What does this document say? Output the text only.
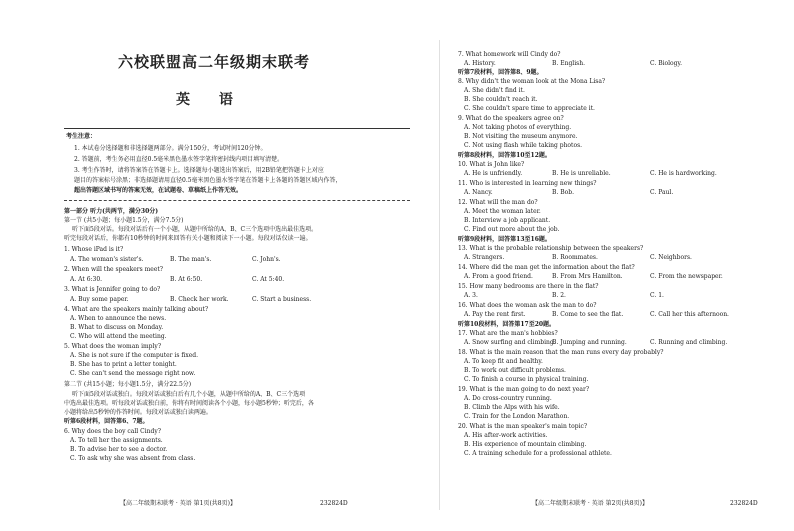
六校联盟高二年级期末联考
英 语
考生注意：
1. 本试卷分选择题和非选择题两部分。满分150分，考试时间120分钟。
2. 答题前，考生务必用直径0.5毫米黑色墨水签字笔将密封线内项目填写清楚。
3. 考生作答时，请将答案答在答题卡上。选择题每小题选出答案后，用2B铅笔把答题卡上对应
题目的答案标号涂黑；非选择题请用直径0.5毫米黑色墨水签字笔在答题卡上各题的答题区域内作答，
超出答题区域书写的答案无效，在试题卷、草稿纸上作答无效。
第一部分 听力(共两节，满分30分)
第一节 (共5小题；每小题1.5分，满分7.5分)
听下面5段对话。每段对话后有一个小题，从题中所给的A、B、C三个选项中选出最佳选项。
听完每段对话后，你都有10秒钟的时间来回答有关小题和阅读下一小题。每段对话仅读一遍。
1. Whose iPad is it?
A. The woman's sister's.	B. The man's.	C. John's.
2. When will the speakers meet?
A. At 6:30.	B. At 6:50.	C. At 5:40.
3. What is Jennifer going to do?
A. Buy some paper.	B. Check her work.	C. Start a business.
4. What are the speakers mainly talking about?
A. When to announce the news.
B. What to discuss on Monday.
C. Who will attend the meeting.
5. What does the woman imply?
A. She is not sure if the computer is fixed.
B. She has to print a letter tonight.
C. She can't send the message right now.
第二节 (共15小题；每小题1.5分，满分22.5分)
听下面5段对话或独白。每段对话或独白后有几个小题，从题中所给的A、B、C三个选项
中选出最佳选项。听每段对话或独白前，你将有时间阅读各个小题，每小题5秒钟；听完后，各
小题将给出5秒钟的作答时间。每段对话或独白读两遍。
听第6段材料，回答第6、7题。
6. Why does the boy call Cindy?
A. To tell her the assignments.
B. To advise her to see a doctor.
C. To ask why she was absent from class.
【高二年级期末联考 · 英语 第1页(共8页)】	232824D
7. What homework will Cindy do?
A. History.	B. English.	C. Biology.
听第7段材料，回答第8、9题。
8. Why didn't the woman look at the Mona Lisa?
A. She didn't find it.
B. She couldn't reach it.
C. She couldn't spare time to appreciate it.
9. What do the speakers agree on?
A. Not taking photos of everything.
B. Not visiting the museum anymore.
C. Not using flash while taking photos.
听第8段材料，回答第10至12题。
10. What is John like?
A. He is unfriendly.	B. He is unreliable.	C. He is hardworking.
11. Who is interested in learning new things?
A. Nancy.	B. Bob.	C. Paul.
12. What will the man do?
A. Meet the woman later.
B. Interview a job applicant.
C. Find out more about the job.
听第9段材料，回答第13至16题。
13. What is the probable relationship between the speakers?
A. Strangers.	B. Roommates.	C. Neighbors.
14. Where did the man get the information about the flat?
A. From a good friend.	B. From Mrs Hamilton.	C. From the newspaper.
15. How many bedrooms are there in the flat?
A. 3.	B. 2.	C. 1.
16. What does the woman ask the man to do?
A. Pay the rent first.	B. Come to see the flat.	C. Call her this afternoon.
听第10段材料，回答第17至20题。
17. What are the man's hobbies?
A. Snow surfing and climbing.
B. Jumping and running.	C. Running and climbing.
18. What is the main reason that the man runs every day probably?
A. To keep fit and healthy.
B. To work out difficult problems.
C. To finish a course in physical training.
19. What is the man going to do next year?
A. Do cross-country running.
B. Climb the Alps with his wife.
C. Train for the London Marathon.
20. What is the man speaker's main topic?
A. His after-work activities.
B. His experience of mountain climbing.
C. A training schedule for a professional athlete.
【高二年级期末联考 · 英语 第2页(共8页)】	232824D
